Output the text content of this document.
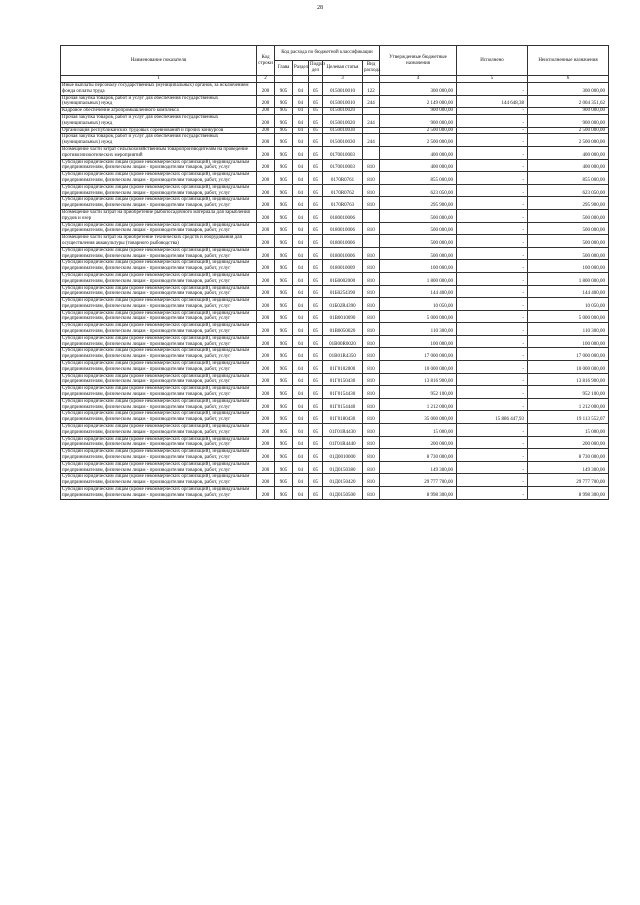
28
Наименование показателя	Код строки	Код расхода по бюджетной классификации					Утвержденные бюджетные назначения	Исполнено	Неисполненные назначения
		Глава	Раздел	Подраз дел	Целевая статья	Вид расхода			
1	2				3		4	5	6
Иные выплаты персоналу государственных (муниципальных) органов, за исключением фонда оплаты труда	200	905	04	05	0150010010	122	300 000,00	-	300 000,00
Прочая закупка товаров, работ и услуг для обеспечения государственных (муниципальных) нужд	200	905	04	05	0150010010	244	2 149 000,00	144 648,38	2 004 351,62
Кадровое обеспечение агропромышленного комплекса	200	905	04	05	0150010020		900 000,00	-	900 000,00
Прочая закупка товаров, работ и услуг для обеспечения государственных (муниципальных) нужд	200	905	04	05	0150010020	244	900 000,00	-	900 000,00
Организация республиканских трудовых соревнований и прочих конкурсов	200	905	04	05	0150010030		2 500 000,00	-	2 500 000,00
Прочая закупка товаров, работ и услуг для обеспечения государственных (муниципальных) нужд	200	905	04	05	0150010030	244	2 500 000,00	-	2 500 000,00
Возмещение части затрат сельскохозяйственным товаропроизводителям на проведение противоэпизоотических мероприятий	200	905	04	05	0170010003		400 000,00	-	400 000,00
Субсидии юридическим лицам (кроме некоммерческих организаций), индивидуальным предпринимателям, физическим лицам - производителям товаров, работ, услуг	200	905	04	05	0170010003	810	400 000,00	-	400 000,00
Субсидии юридическим лицам (кроме некоммерческих организаций), индивидуальным предпринимателям, физическим лицам - производителям товаров, работ, услуг	200	905	04	05	0170R0761	810	855 000,00	-	855 000,00
Субсидии юридическим лицам (кроме некоммерческих организаций), индивидуальным предпринимателям, физическим лицам - производителям товаров, работ, услуг	200	905	04	05	0170R0762	810	623 050,00	-	623 050,00
Субсидии юридическим лицам (кроме некоммерческих организаций), индивидуальным предпринимателям, физическим лицам - производителям товаров, работ, услуг	200	905	04	05	0170R0763	810	295 900,00	-	295 900,00
Возмещение части затрат на приобретение рыбопосадочного материала для зарыбления прудов и озер	200	905	04	05	0180010006		500 000,00	-	500 000,00
Субсидии юридическим лицам (кроме некоммерческих организаций), индивидуальным предпринимателям, физическим лицам - производителям товаров, работ, услуг	200	905	04	05	0180010006	810	500 000,00	-	500 000,00
Возмещение части затрат на приобретение технических средств и оборудования для осуществления аквакультуры (товарного рыбоводства)	200	905	04	05	0180010006		500 000,00	-	500 000,00
Субсидии юридическим лицам (кроме некоммерческих организаций), индивидуальным предпринимателям, физическим лицам - производителям товаров, работ, услуг	200	905	04	05	0180010006	810	500 000,00	-	500 000,00
Субсидии юридическим лицам (кроме некоммерческих организаций), индивидуальным предпринимателям, физическим лицам - производителям товаров, работ, услуг	200	905	04	05	0180010009	810	100 000,00	-	100 000,00
Субсидии юридическим лицам (кроме некоммерческих организаций), индивидуальным предпринимателям, физическим лицам - производителям товаров, работ, услуг	200	905	04	05	01Б0002000	810	1 800 000,00	-	1 800 000,00
Субсидии юридическим лицам (кроме некоммерческих организаций), индивидуальным предпринимателям, физическим лицам - производителям товаров, работ, услуг	200	905	04	05	01Б0254390	810	144 400,00	-	144 400,00
Субсидии юридическим лицам (кроме некоммерческих организаций), индивидуальным предпринимателям, физическим лицам - производителям товаров, работ, услуг	200	905	04	05	01Б02R4390	810	10 050,00	-	10 050,00
Субсидии юридическим лицам (кроме некоммерческих организаций), индивидуальным предпринимателям, физическим лицам - производителям товаров, работ, услуг	200	905	04	05	01В0010090	810	5 000 000,00	-	5 000 000,00
Субсидии юридическим лицам (кроме некоммерческих организаций), индивидуальным предпринимателям, физическим лицам - производителям товаров, работ, услуг	200	905	04	05	01В0050020	810	110 300,00	-	110 300,00
Субсидии юридическим лицам (кроме некоммерческих организаций), индивидуальным предпринимателям, физическим лицам - производителям товаров, работ, услуг	200	905	04	05	01В00R0020	810	100 000,00	-	100 000,00
Субсидии юридическим лицам (кроме некоммерческих организаций), индивидуальным предпринимателям, физическим лицам - производителям товаров, работ, услуг	200	905	04	05	01В01R4350	810	17 000 000,00	-	17 000 000,00
Субсидии юридическим лицам (кроме некоммерческих организаций), индивидуальным предпринимателям, физическим лицам - производителям товаров, работ, услуг	200	905	04	05	01Г0102000	810	10 000 000,00	-	10 000 000,00
Субсидии юридическим лицам (кроме некоммерческих организаций), индивидуальным предпринимателям, физическим лицам - производителям товаров, работ, услуг	200	905	04	05	01Г0150430	810	13 816 900,00	-	13 816 900,00
Субсидии юридическим лицам (кроме некоммерческих организаций), индивидуальным предпринимателям, физическим лицам - производителям товаров, работ, услуг	200	905	04	05	01Г0154430	810	952 100,00	-	952 100,00
Субсидии юридическим лицам (кроме некоммерческих организаций), индивидуальным предпринимателям, физическим лицам - производителям товаров, работ, услуг	200	905	04	05	01Г0154440	810	1 212 000,00	-	1 212 000,00
Субсидии юридическим лицам (кроме некоммерческих организаций), индивидуальным предпринимателям, физическим лицам - производителям товаров, работ, услуг	200	905	04	05	01Г0180430	810	35 000 000,00	15 886 447,93	19 113 552,07
Субсидии юридическим лицам (кроме некоммерческих организаций), индивидуальным предпринимателям, физическим лицам - производителям товаров, работ, услуг	200	905	04	05	01Г01R4430	810	15 000,00	-	15 000,00
Субсидии юридическим лицам (кроме некоммерческих организаций), индивидуальным предпринимателям, физическим лицам - производителям товаров, работ, услуг	200	905	04	05	01Г01R4440	810	200 000,00	-	200 000,00
Субсидии юридическим лицам (кроме некоммерческих организаций), индивидуальным предпринимателям, физическим лицам - производителям товаров, работ, услуг	200	905	04	05	01Д0010000	810	8 730 000,00	-	8 730 000,00
Субсидии юридическим лицам (кроме некоммерческих организаций), индивидуальным предпринимателям, физическим лицам - производителям товаров, работ, услуг	200	905	04	05	01Д0150380	810	149 300,00	-	149 300,00
Субсидии юридическим лицам (кроме некоммерческих организаций), индивидуальным предпринимателям, физическим лицам - производителям товаров, работ, услуг	200	905	04	05	01Д0150420	810	29 777 700,00	-	29 777 700,00
Субсидии юридическим лицам (кроме некоммерческих организаций), индивидуальным предпринимателям, физическим лицам - производителям товаров, работ, услуг	200	905	04	05	01Д0150500	810	8 998 300,00	-	8 998 300,00
